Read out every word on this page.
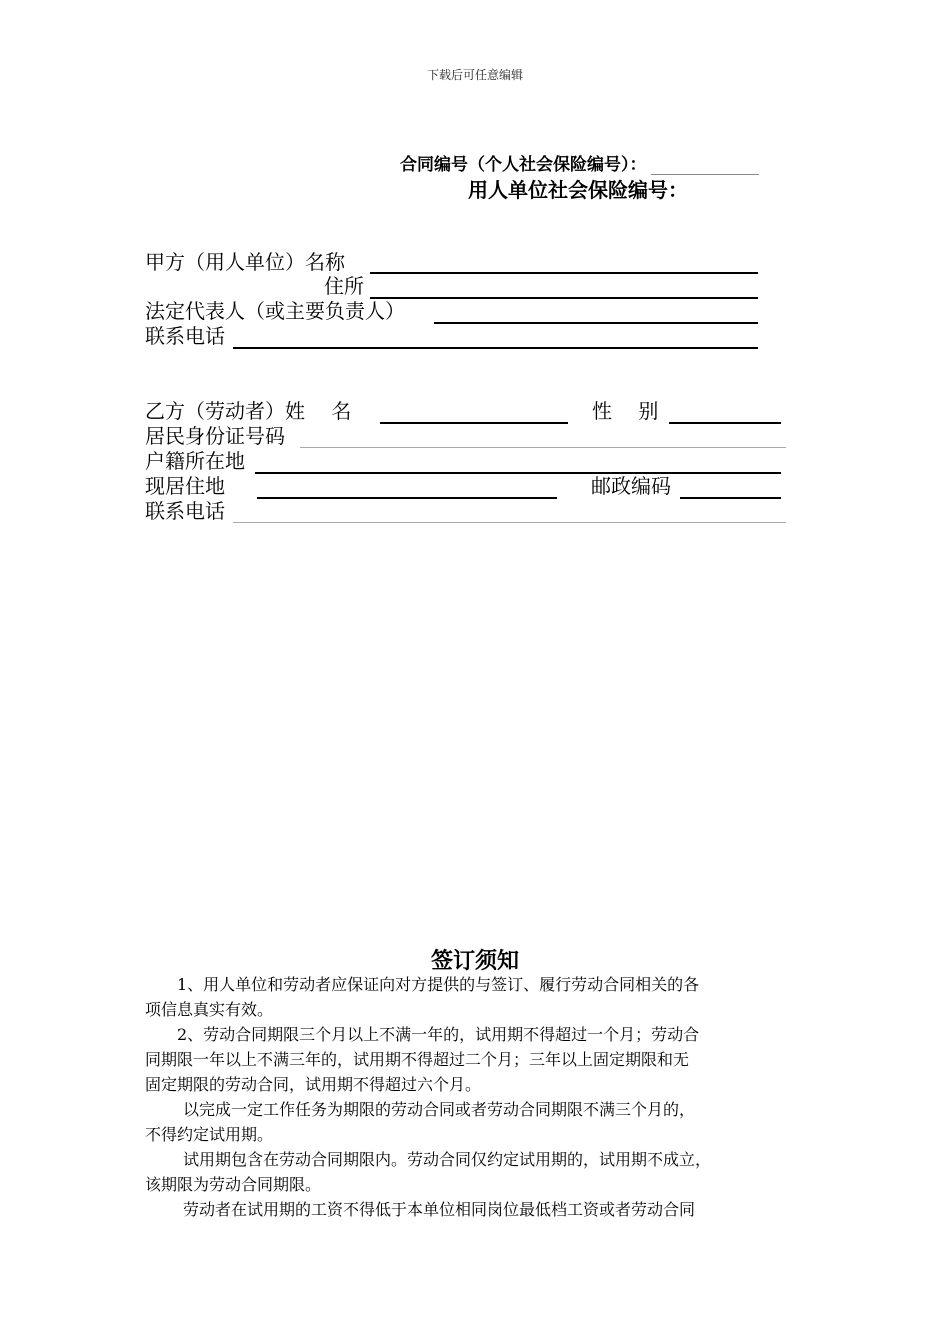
下载后可任意编辑
合同编号（个人社会保险编号）：
用人单位社会保险编号：
甲方（用人单位）名称
住所
法定代表人（或主要负责人）
联系电话
乙方（劳动者）姓　 名	性　 别
居民身份证号码
户籍所在地
现居住地	邮政编码
联系电话
签订须知
1、用人单位和劳动者应保证向对方提供的与签订、履行劳动合同相关的各
项信息真实有效。
2、劳动合同期限三个月以上不满一年的，试用期不得超过一个月；劳动合
同期限一年以上不满三年的，试用期不得超过二个月；三年以上固定期限和无
固定期限的劳动合同，试用期不得超过六个月。
以完成一定工作任务为期限的劳动合同或者劳动合同期限不满三个月的，
不得约定试用期。
试用期包含在劳动合同期限内。劳动合同仅约定试用期的，试用期不成立，
该期限为劳动合同期限。
劳动者在试用期的工资不得低于本单位相同岗位最低档工资或者劳动合同
